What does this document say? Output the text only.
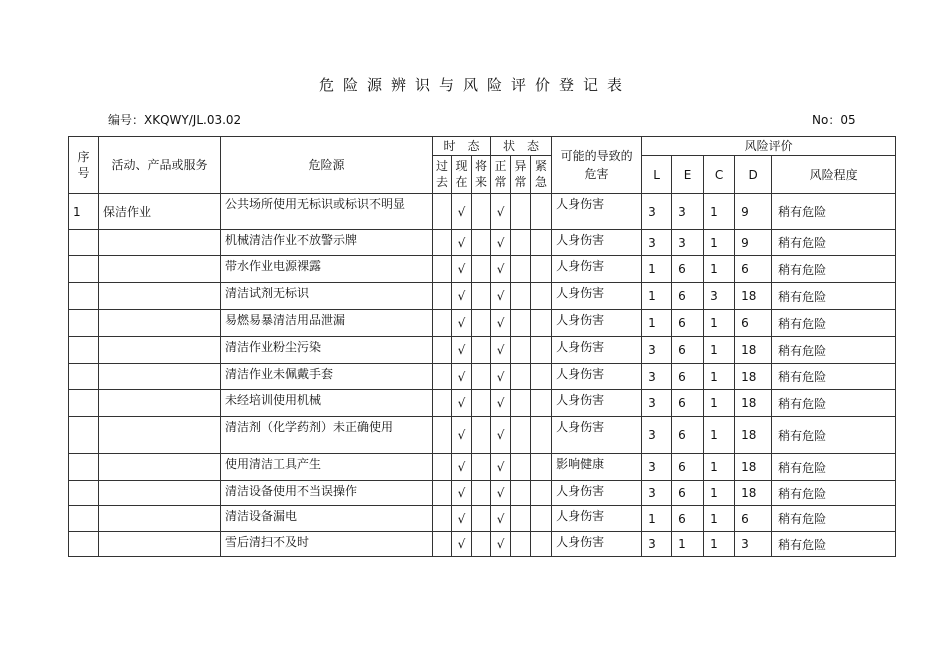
危险源辨识与风险评价登记表
编号：XKQWY/JL.03.02	No：05
序号	活动、产品或服务	危险源	时　态			状　态			可能的导致的危害	风险评价				
			过去	现在	将来	正常	异常	紧急		L	E	C	D	风险程度
1	保洁作业	公共场所使用无标识或标识不明显		√		√			人身伤害	3	3	1	9	稍有危险
		机械清洁作业不放警示牌		√		√			人身伤害	3	3	1	9	稍有危险
		带水作业电源裸露		√		√			人身伤害	1	6	1	6	稍有危险
		清洁试剂无标识		√		√			人身伤害	1	6	3	18	稍有危险
		易燃易暴清洁用品泄漏		√		√			人身伤害	1	6	1	6	稍有危险
		清洁作业粉尘污染		√		√			人身伤害	3	6	1	18	稍有危险
		清洁作业未佩戴手套		√		√			人身伤害	3	6	1	18	稍有危险
		未经培训使用机械		√		√			人身伤害	3	6	1	18	稍有危险
		清洁剂（化学药剂）未正确使用		√		√			人身伤害	3	6	1	18	稍有危险
		使用清洁工具产生		√		√			影响健康	3	6	1	18	稍有危险
		清洁设备使用不当误操作		√		√			人身伤害	3	6	1	18	稍有危险
		清洁设备漏电		√		√			人身伤害	1	6	1	6	稍有危险
		雪后清扫不及时		√		√			人身伤害	3	1	1	3	稍有危险
